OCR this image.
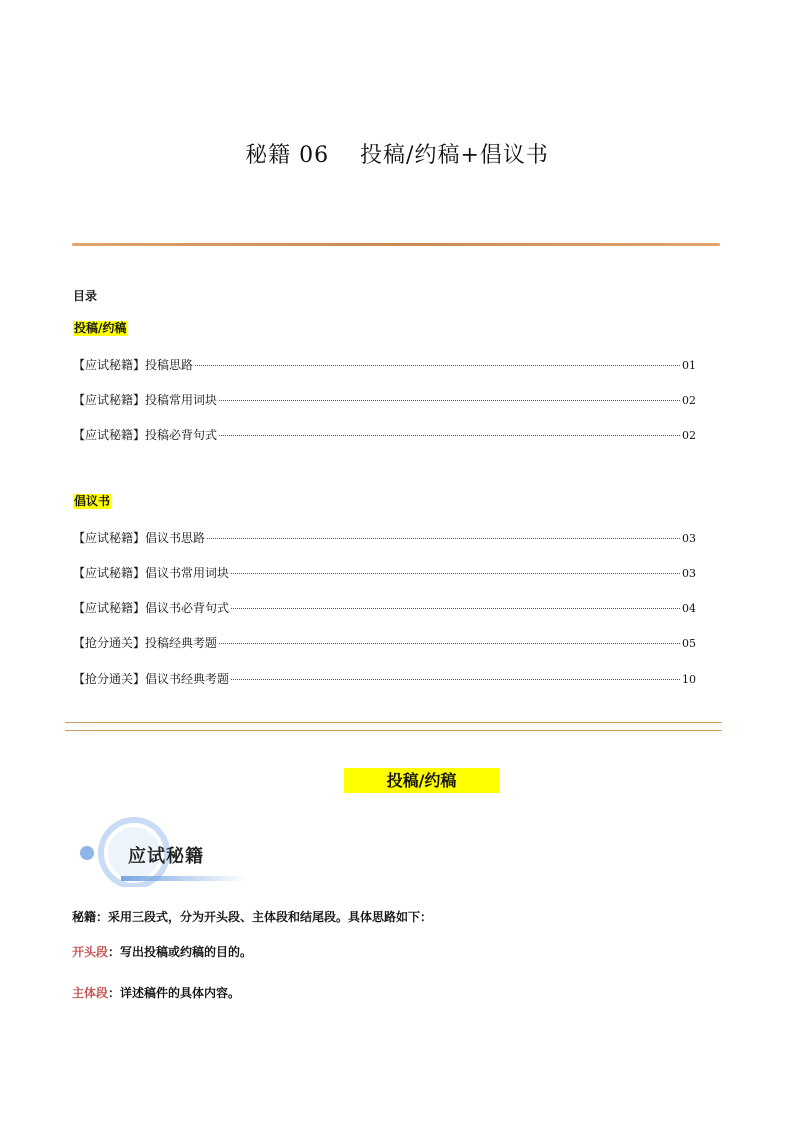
秘籍 06　 投稿/约稿+倡议书
目录
投稿/约稿
【应试秘籍】投稿思路	01
【应试秘籍】投稿常用词块	02
【应试秘籍】投稿必背句式	02
倡议书
【应试秘籍】倡议书思路	03
【应试秘籍】倡议书常用词块	03
【应试秘籍】倡议书必背句式	04
【抢分通关】投稿经典考题	05
【抢分通关】倡议书经典考题	10
投稿/约稿
应试秘籍
秘籍：采用三段式，分为开头段、主体段和结尾段。具体思路如下：
开头段：写出投稿或约稿的目的。
主体段：详述稿件的具体内容。
